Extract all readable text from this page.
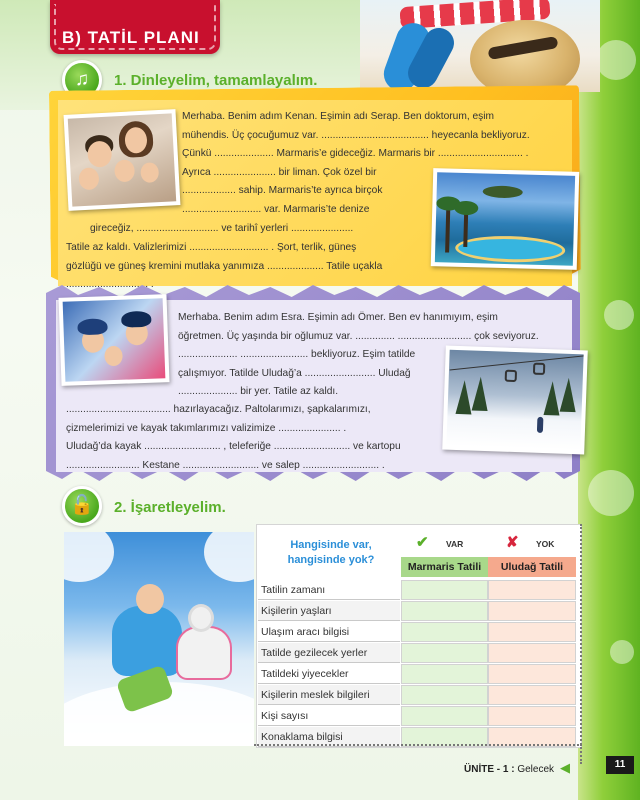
B) TATİL PLANI
♫	1. Dinleyelim, tamamlayalım.
Merhaba. Benim adım Kenan. Eşimin adı Serap. Ben doktorum, eşim
mühendis. Üç çocuğumuz var. ...................................... heyecanla bekliyoruz.
Çünkü ..................... Marmaris’e gideceğiz. Marmaris bir .............................. .
Ayrıca ...................... bir liman. Çok özel bir
................... sahip. Marmaris’te ayrıca birçok
............................ var. Marmaris’te denize
gireceğiz, ............................. ve tarihî yerleri ......................
Tatile az kaldı. Valizlerimizi ............................ . Şort, terlik, güneş
gözlüğü ve güneş kremini mutlaka yanımıza .................... Tatile uçakla
............................. .
Merhaba. Benim adım Esra. Eşimin adı Ömer. Ben ev hanımıyım, eşim
öğretmen. Üç yaşında bir oğlumuz var. .............. .......................... çok seviyoruz.
..................... ........................ bekliyoruz. Eşim tatilde
çalışmıyor. Tatilde Uludağ’a ......................... Uludağ
..................... bir yer. Tatile az kaldı.
..................................... hazırlayacağız. Paltolarımızı, şapkalarımızı,
çizmelerimizi ve kayak takımlarımızı valizimize ...................... .
Uludağ’da kayak ........................... , teleferiğe ........................... ve kartopu
.......................... Kestane ........................... ve salep ........................... .
🔓	2. İşaretleyelim.
Hangisinde var, hangisinde yok?
✔ VAR	✘ YOK
Marmaris Tatili	Uludağ Tatili
Tatilin zamanı
Kişilerin yaşları
Ulaşım aracı bilgisi
Tatilde gezilecek yerler
Tatildeki yiyecekler
Kişilerin meslek bilgileri
Kişi sayısı
Konaklama bilgisi
ÜNİTE - 1 : Gelecek ◀	11
